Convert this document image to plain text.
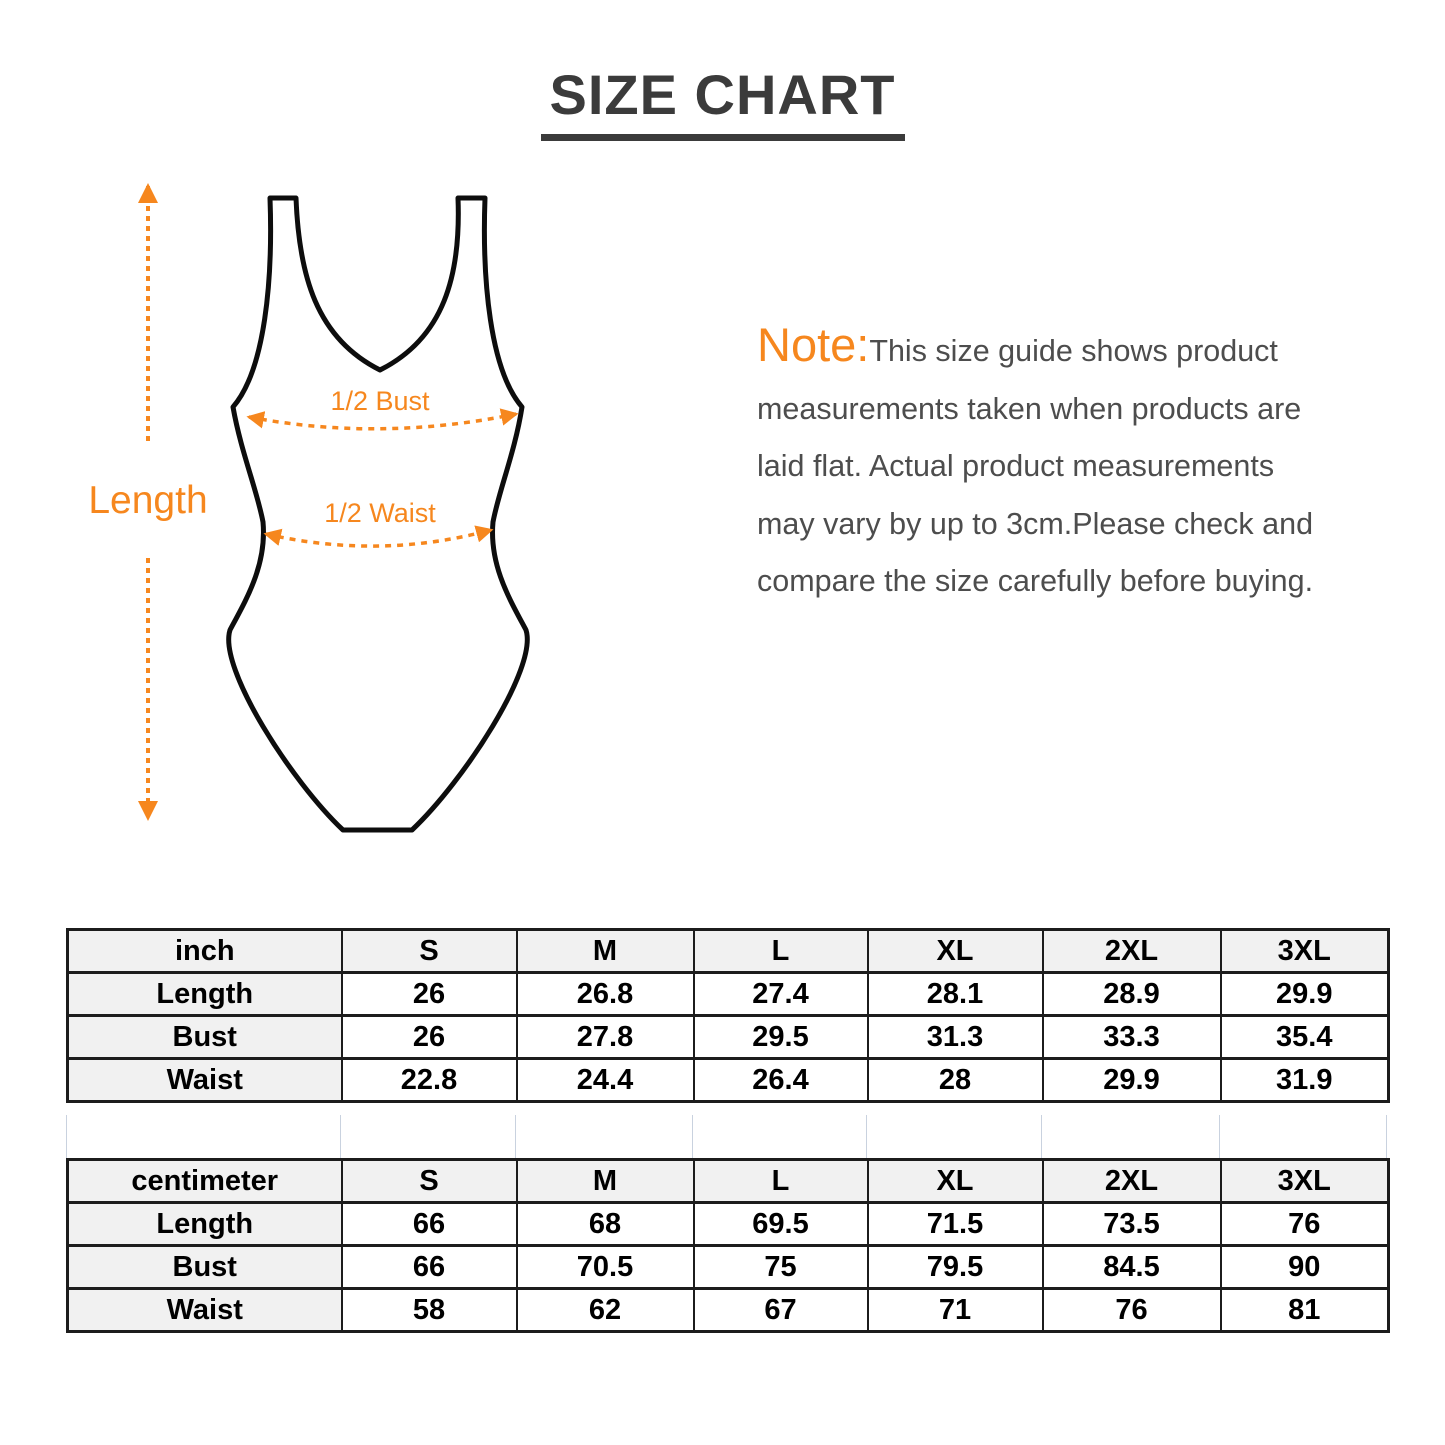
SIZE CHART
Length
1/2 Bust
1/2 Waist
Note:This size guide shows product
measurements taken when products are
laid flat. Actual product measurements
may vary by up to 3cm.Please check and
compare the size carefully before buying.
inch	S	M	L	XL	2XL	3XL
Length	26	26.8	27.4	28.1	28.9	29.9
Bust	26	27.8	29.5	31.3	33.3	35.4
Waist	22.8	24.4	26.4	28	29.9	31.9
centimeter	S	M	L	XL	2XL	3XL
Length	66	68	69.5	71.5	73.5	76
Bust	66	70.5	75	79.5	84.5	90
Waist	58	62	67	71	76	81
